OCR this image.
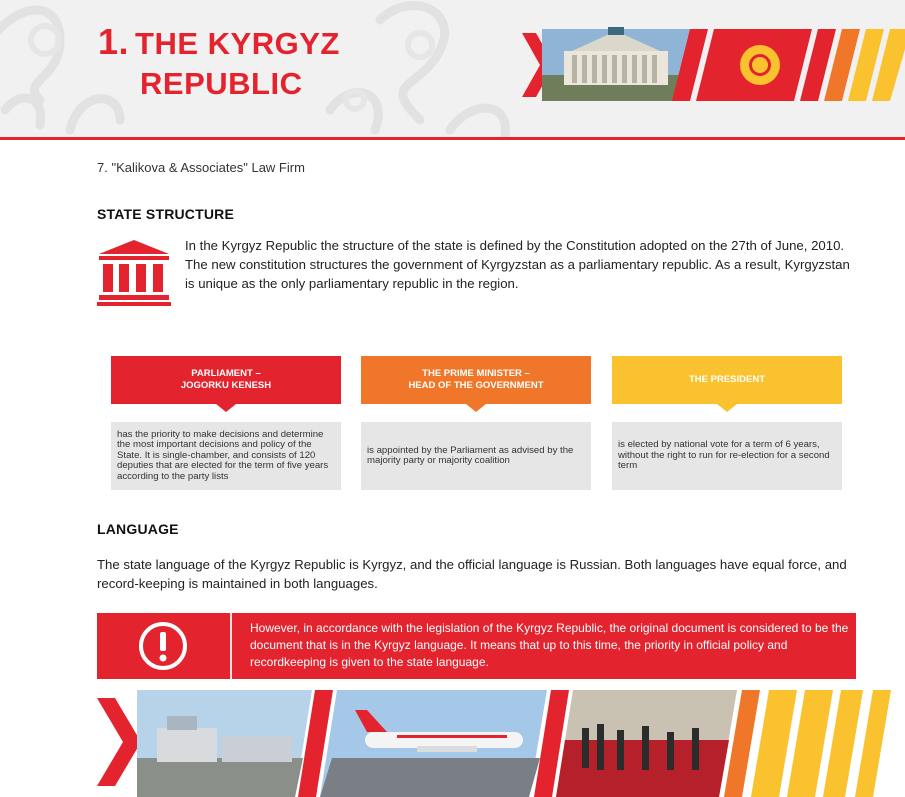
1. THE KYRGYZ
REPUBLIC
7. "Kalikova & Associates" Law Firm
STATE STRUCTURE
In the Kyrgyz Republic the structure of the state is defined by the Constitution adopted on the 27th of June, 2010. The new constitution structures the government of Kyrgyzstan as a parliamentary republic. As a result, Kyrgyzstan is unique as the only parliamentary republic in the region.
PARLIAMENT –
JOGORKU KENESH
has the priority to make decisions and determine the most important decisions and policy of the State. It is single-chamber, and consists of 120 deputies that are elected for the term of five years according to the party lists
THE PRIME MINISTER –
HEAD OF THE GOVERNMENT
is appointed by the Parliament as advised by the majority party or majority coalition
THE PRESIDENT
is elected by national vote for a term of 6 years, without the right to run for re-election for a second term
LANGUAGE
The state language of the Kyrgyz Republic is Kyrgyz, and the official language is Russian. Both languages have equal force, and record-keeping is maintained in both languages.
However, in accordance with the legislation of the Kyrgyz Republic, the original document is considered to be the document that is in the Kyrgyz language. It means that up to this time, the priority in official policy and recordkeeping is given to the state language.
